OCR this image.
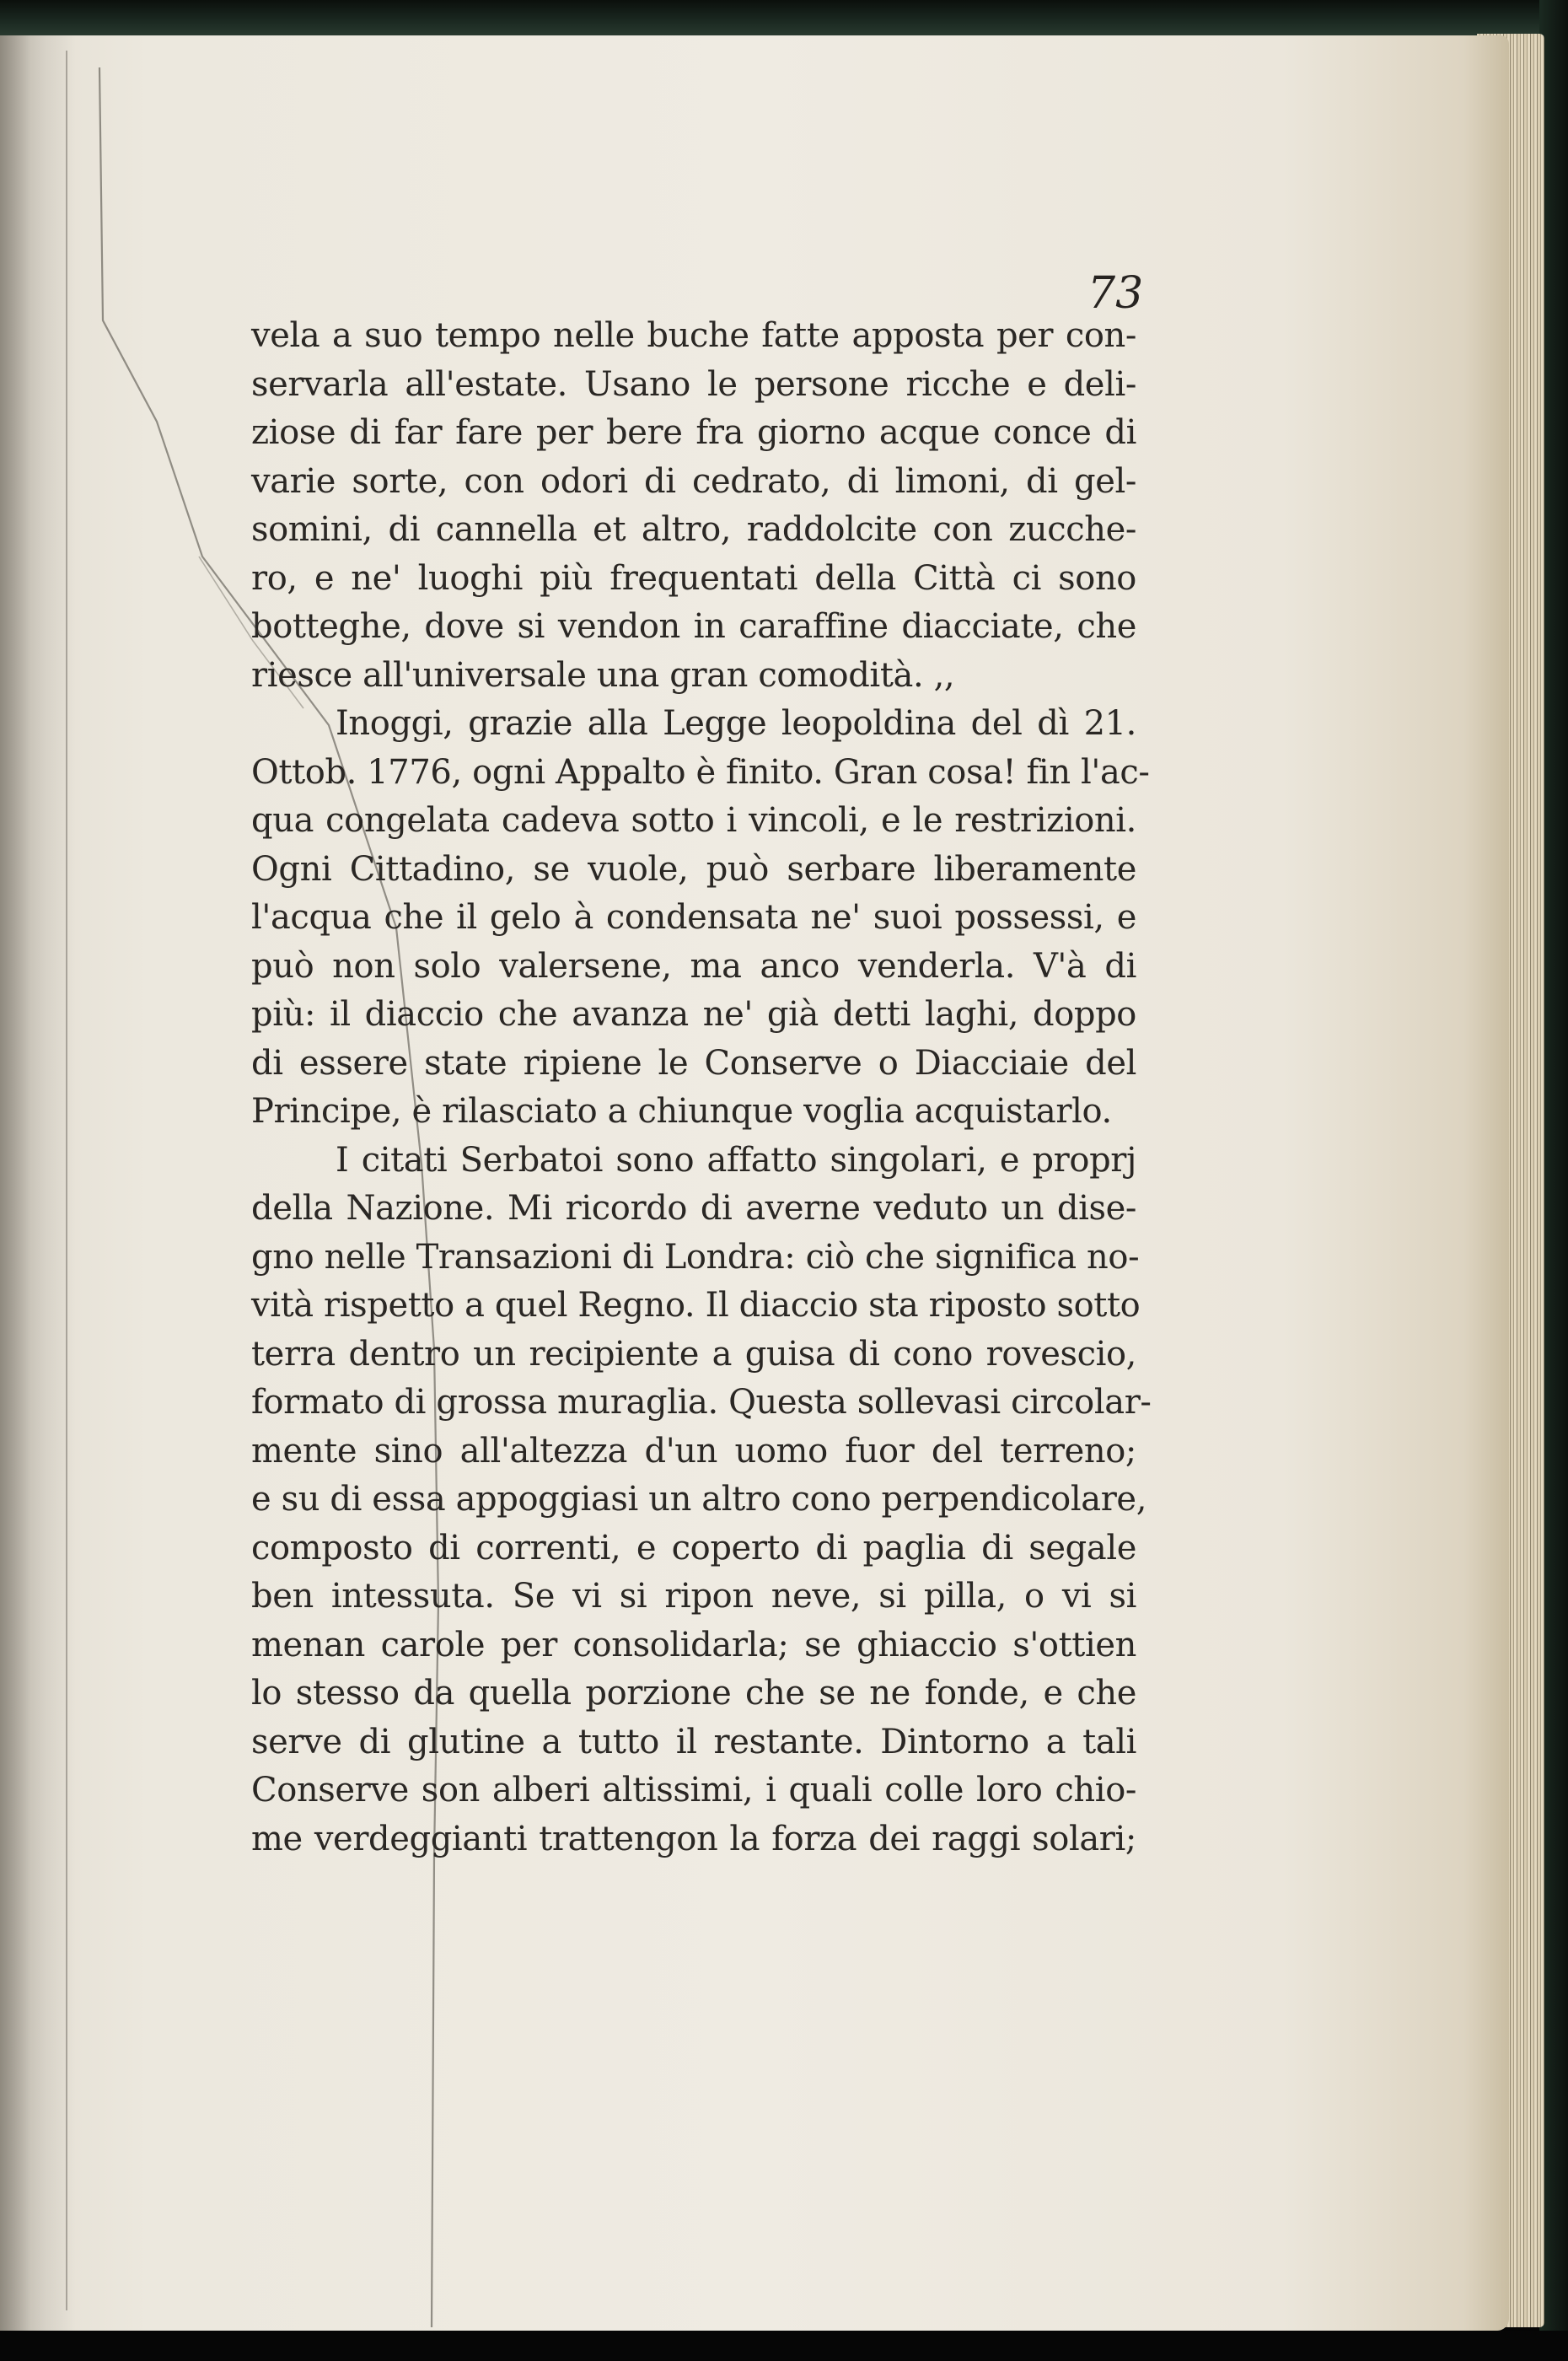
73
vela a suo tempo nelle buche fatte apposta per con-
servarla all'estate. Usano le persone ricche e deli-
ziose di far fare per bere fra giorno acque conce di
varie sorte, con odori di cedrato, di limoni, di gel-
somini, di cannella et altro, raddolcite con zucche-
ro, e ne' luoghi più frequentati della Città ci sono
botteghe, dove si vendon in caraffine diacciate, che
riesce all'universale una gran comodità. ,,
Inoggi, grazie alla Legge leopoldina del dì 21.
Ottob. 1776, ogni Appalto è finito. Gran cosa! fin l'ac-
qua congelata cadeva sotto i vincoli, e le restrizioni.
Ogni Cittadino, se vuole, può serbare liberamente
l'acqua che il gelo à condensata ne' suoi possessi, e
può non solo valersene, ma anco venderla. V'à di
più: il diaccio che avanza ne' già detti laghi, doppo
di essere state ripiene le Conserve o Diacciaie del
Principe, è rilasciato a chiunque voglia acquistarlo.
I citati Serbatoi sono affatto singolari, e proprj
della Nazione. Mi ricordo di averne veduto un dise-
gno nelle Transazioni di Londra: ciò che significa no-
vità rispetto a quel Regno. Il diaccio sta riposto sotto
terra dentro un recipiente a guisa di cono rovescio,
formato di grossa muraglia. Questa sollevasi circolar-
mente sino all'altezza d'un uomo fuor del terreno;
e su di essa appoggiasi un altro cono perpendicolare,
composto di correnti, e coperto di paglia di segale
ben intessuta. Se vi si ripon neve, si pilla, o vi si
menan carole per consolidarla; se ghiaccio s'ottien
lo stesso da quella porzione che se ne fonde, e che
serve di glutine a tutto il restante. Dintorno a tali
Conserve son alberi altissimi, i quali colle loro chio-
me verdeggianti trattengon la forza dei raggi solari;
